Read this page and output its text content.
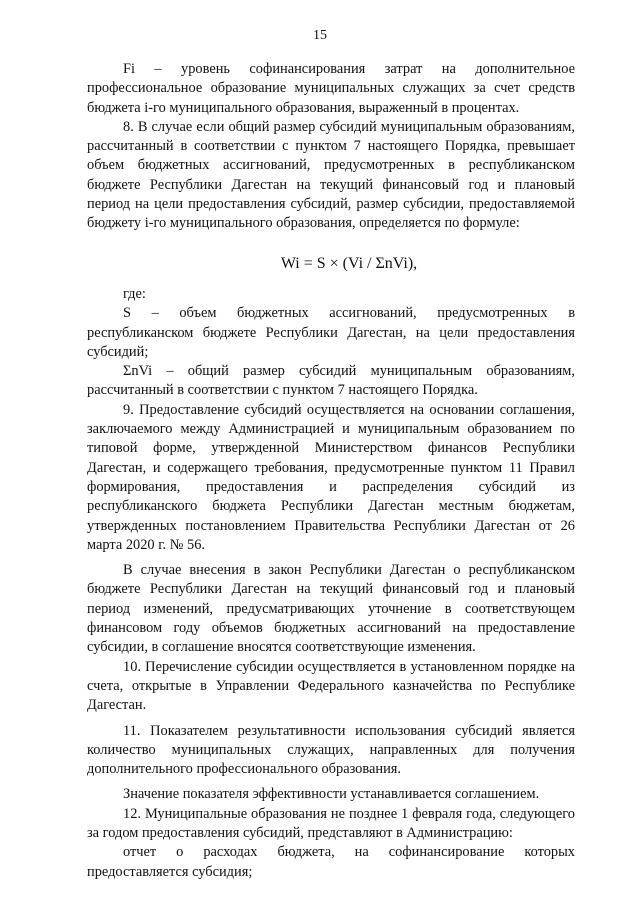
15

Fi – уровень софинансирования затрат на дополнительное профессиональное образование муниципальных служащих за счет средств бюджета i-го муниципального образования, выраженный в процентах.

8. В случае если общий размер субсидий муниципальным образованиям, рассчитанный в соответствии с пунктом 7 настоящего Порядка, превышает объем бюджетных ассигнований, предусмотренных в республиканском бюджете Республики Дагестан на текущий финансовый год и плановый период на цели предоставления субсидий, размер субсидии, предоставляемой бюджету i-го муниципального образования, определяется по формуле:

Wi = S × (Vi / ΣnVi),

где:

S – объем бюджетных ассигнований, предусмотренных в республиканском бюджете Республики Дагестан, на цели предоставления субсидий;

ΣnVi – общий размер субсидий муниципальным образованиям, рассчитанный в соответствии с пунктом 7 настоящего Порядка.

9. Предоставление субсидий осуществляется на основании соглашения, заключаемого между Администрацией и муниципальным образованием по типовой форме, утвержденной Министерством финансов Республики Дагестан, и содержащего требования, предусмотренные пунктом 11 Правил формирования, предоставления и распределения субсидий из республиканского бюджета Республики Дагестан местным бюджетам, утвержденных постановлением Правительства Республики Дагестан от 26 марта 2020 г. № 56.

В случае внесения в закон Республики Дагестан о республиканском бюджете Республики Дагестан на текущий финансовый год и плановый период изменений, предусматривающих уточнение в соответствующем финансовом году объемов бюджетных ассигнований на предоставление субсидии, в соглашение вносятся соответствующие изменения.

10. Перечисление субсидии осуществляется в установленном порядке на счета, открытые в Управлении Федерального казначейства по Республике Дагестан.

11. Показателем результативности использования субсидий является количество муниципальных служащих, направленных для получения дополнительного профессионального образования.

Значение показателя эффективности устанавливается соглашением.

12. Муниципальные образования не позднее 1 февраля года, следующего за годом предоставления субсидий, представляют в Администрацию:

отчет о расходах бюджета, на софинансирование которых предоставляется субсидия;
